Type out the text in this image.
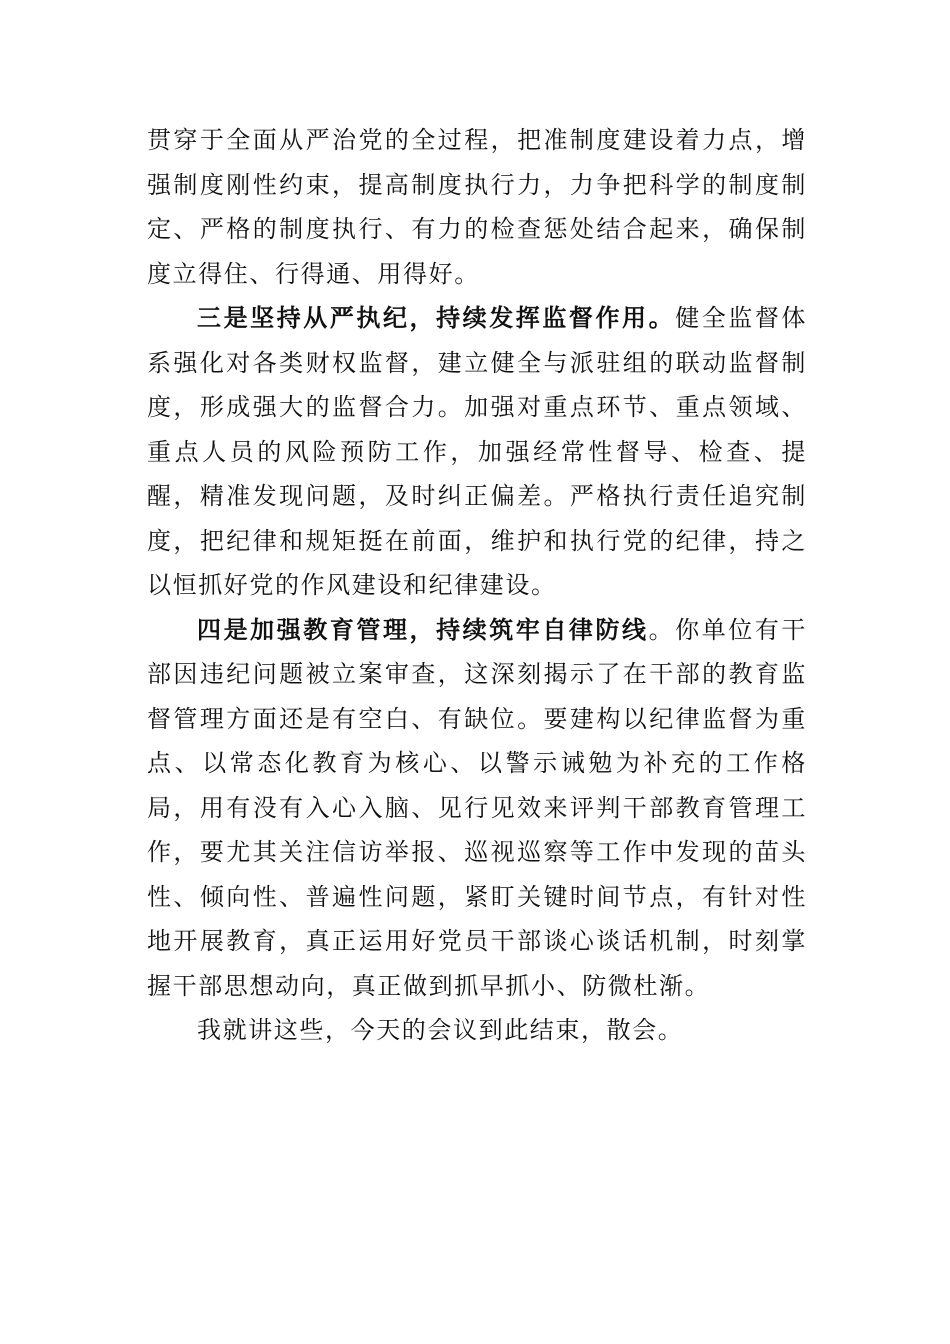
贯穿于全面从严治党的全过程，把准制度建设着力点，增强制度刚性约束，提高制度执行力，力争把科学的制度制定、严格的制度执行、有力的检查惩处结合起来，确保制度立得住、行得通、用得好。

三是坚持从严执纪，持续发挥监督作用。健全监督体系强化对各类财权监督，建立健全与派驻组的联动监督制度，形成强大的监督合力。加强对重点环节、重点领域、重点人员的风险预防工作，加强经常性督导、检查、提醒，精准发现问题，及时纠正偏差。严格执行责任追究制度，把纪律和规矩挺在前面，维护和执行党的纪律，持之以恒抓好党的作风建设和纪律建设。

四是加强教育管理，持续筑牢自律防线。你单位有干部因违纪问题被立案审查，这深刻揭示了在干部的教育监督管理方面还是有空白、有缺位。要建构以纪律监督为重点、以常态化教育为核心、以警示诫勉为补充的工作格局，用有没有入心入脑、见行见效来评判干部教育管理工作，要尤其关注信访举报、巡视巡察等工作中发现的苗头性、倾向性、普遍性问题，紧盯关键时间节点，有针对性地开展教育，真正运用好党员干部谈心谈话机制，时刻掌握干部思想动向，真正做到抓早抓小、防微杜渐。

我就讲这些，今天的会议到此结束，散会。
